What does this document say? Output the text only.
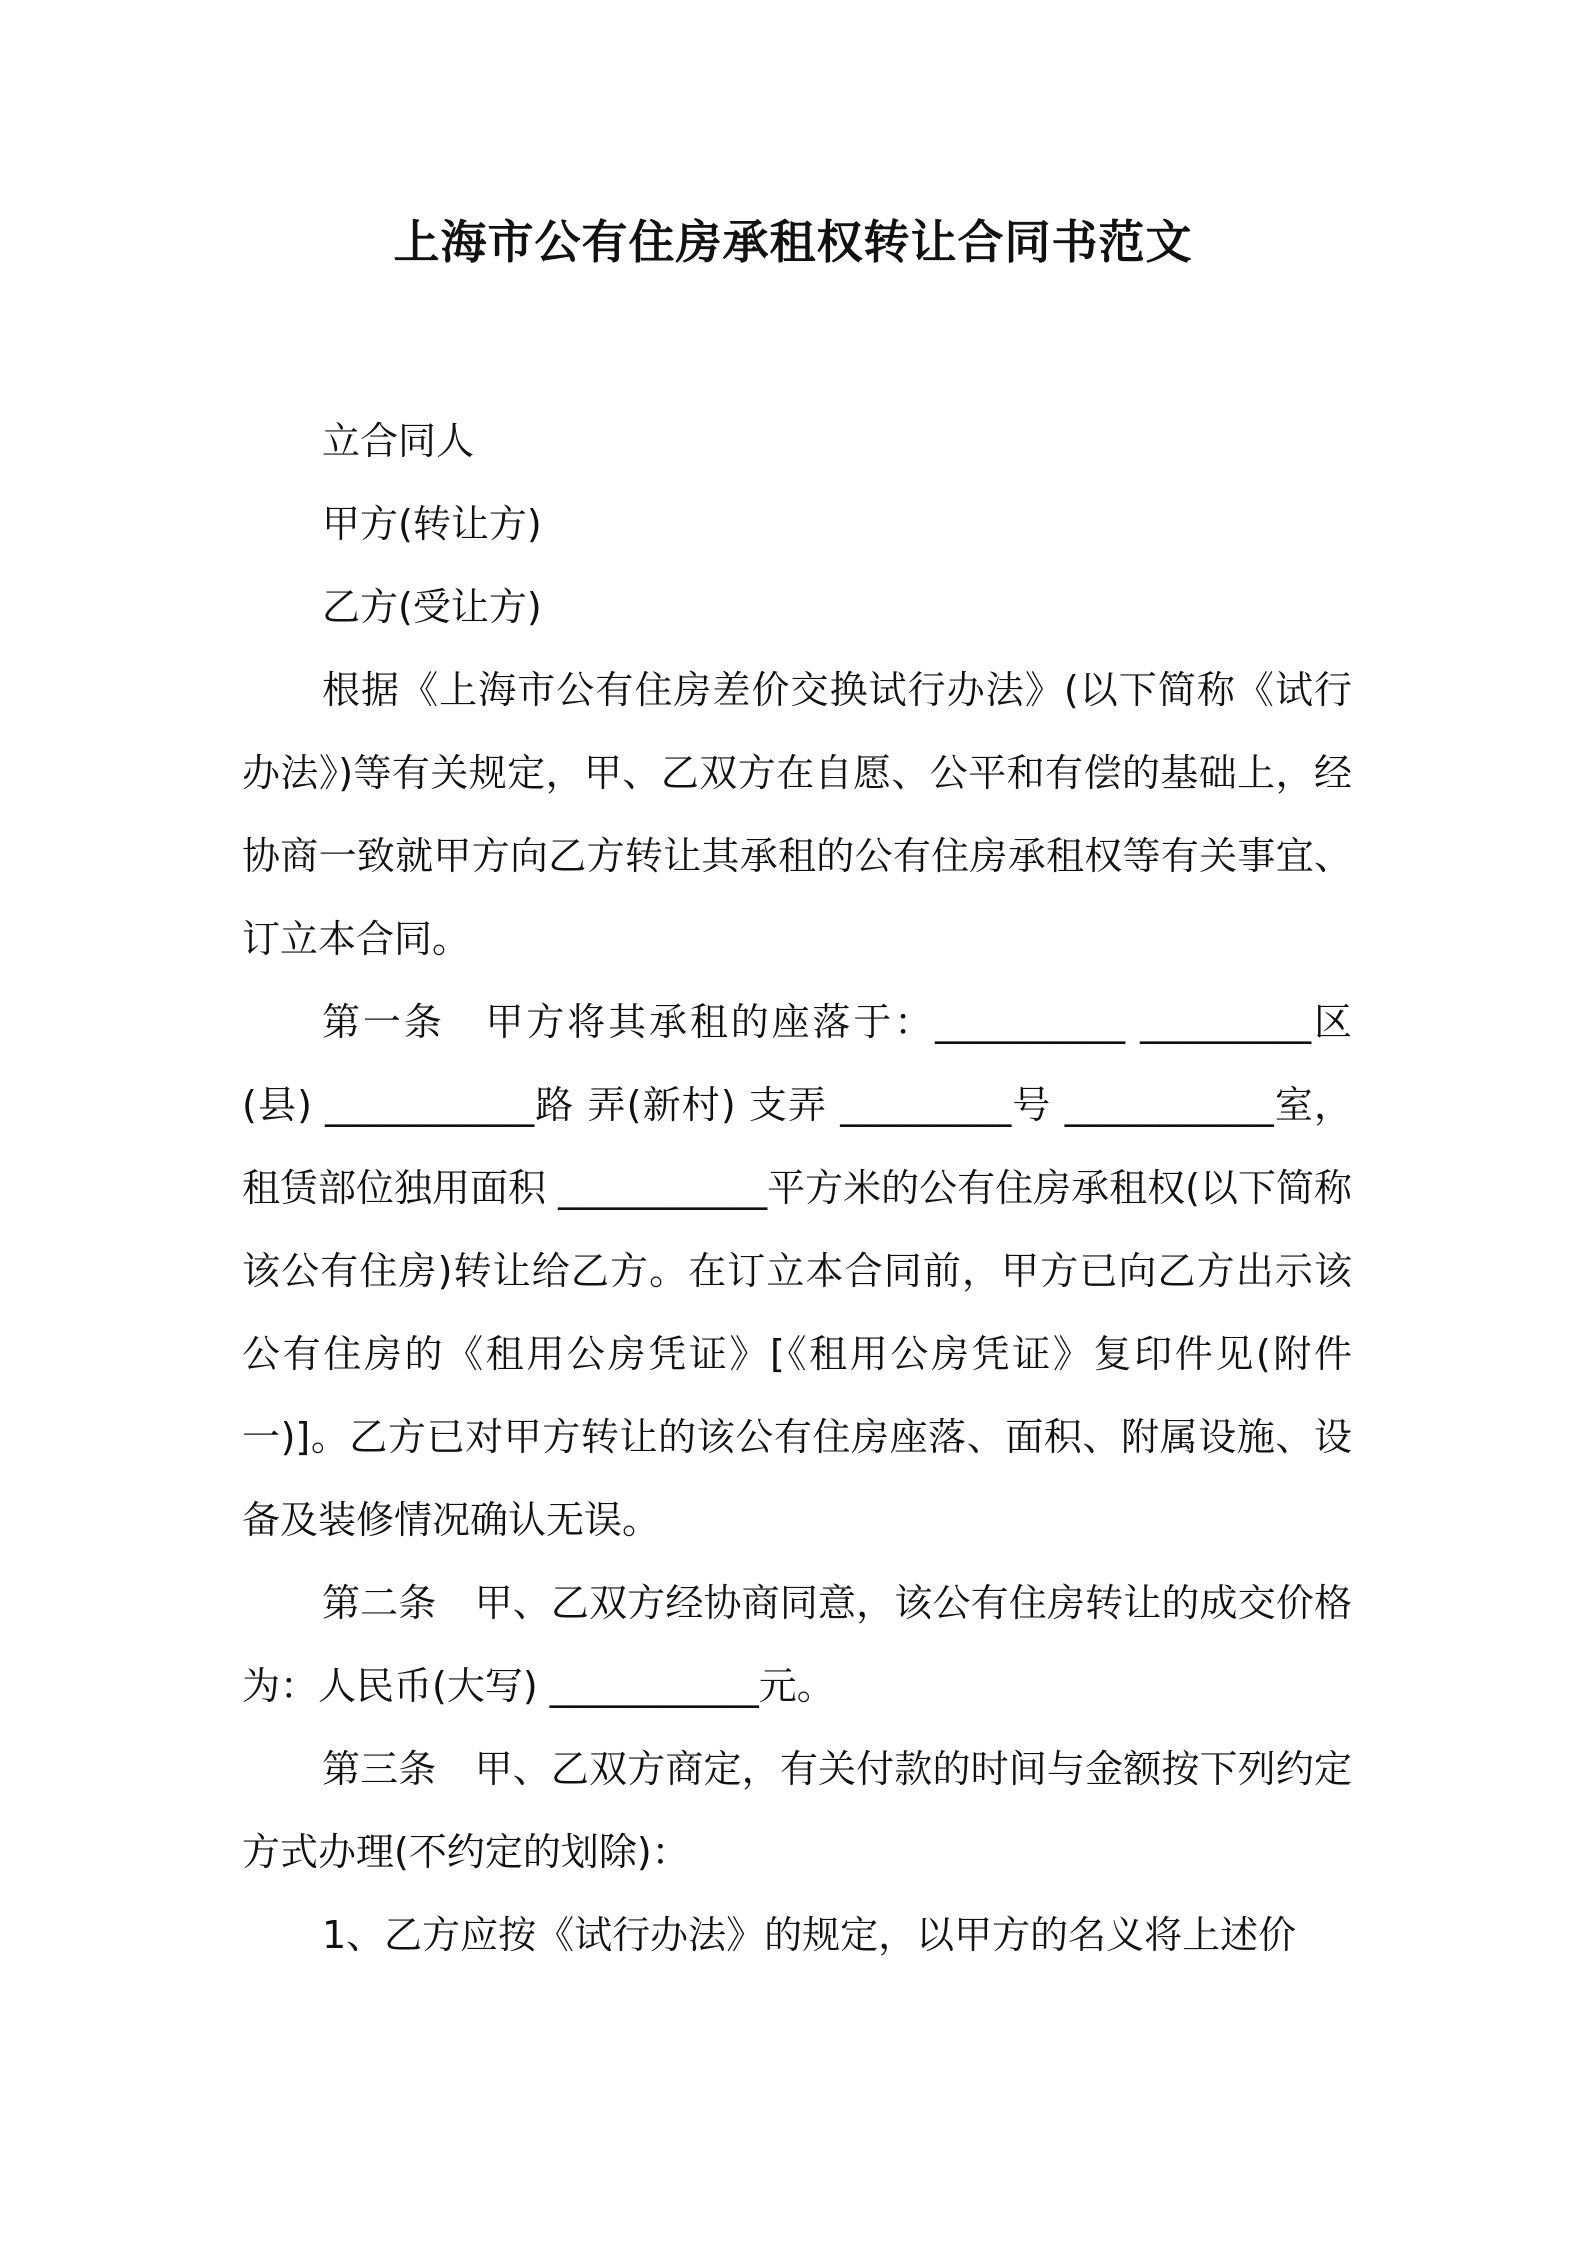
上海市公有住房承租权转让合同书范文

立合同人

甲方(转让方)

乙方(受让方)

根据《上海市公有住房差价交换试行办法》(以下简称《试行办法》)等有关规定，甲、乙双方在自愿、公平和有偿的基础上，经协商一致就甲方向乙方转让其承租的公有住房承租权等有关事宜、订立本合同。

第一条　甲方将其承租的座落于：__________ _________区(县) ___________路 弄(新村) 支弄 _________号 ___________室，租赁部位独用面积 ___________平方米的公有住房承租权(以下简称该公有住房)转让给乙方。在订立本合同前，甲方已向乙方出示该公有住房的《租用公房凭证》[《租用公房凭证》复印件见(附件一)]。乙方已对甲方转让的该公有住房座落、面积、附属设施、设备及装修情况确认无误。

第二条　甲、乙双方经协商同意，该公有住房转让的成交价格为：人民币(大写) ___________元。

第三条　甲、乙双方商定，有关付款的时间与金额按下列约定方式办理(不约定的划除)：

1、乙方应按《试行办法》的规定，以甲方的名义将上述价
